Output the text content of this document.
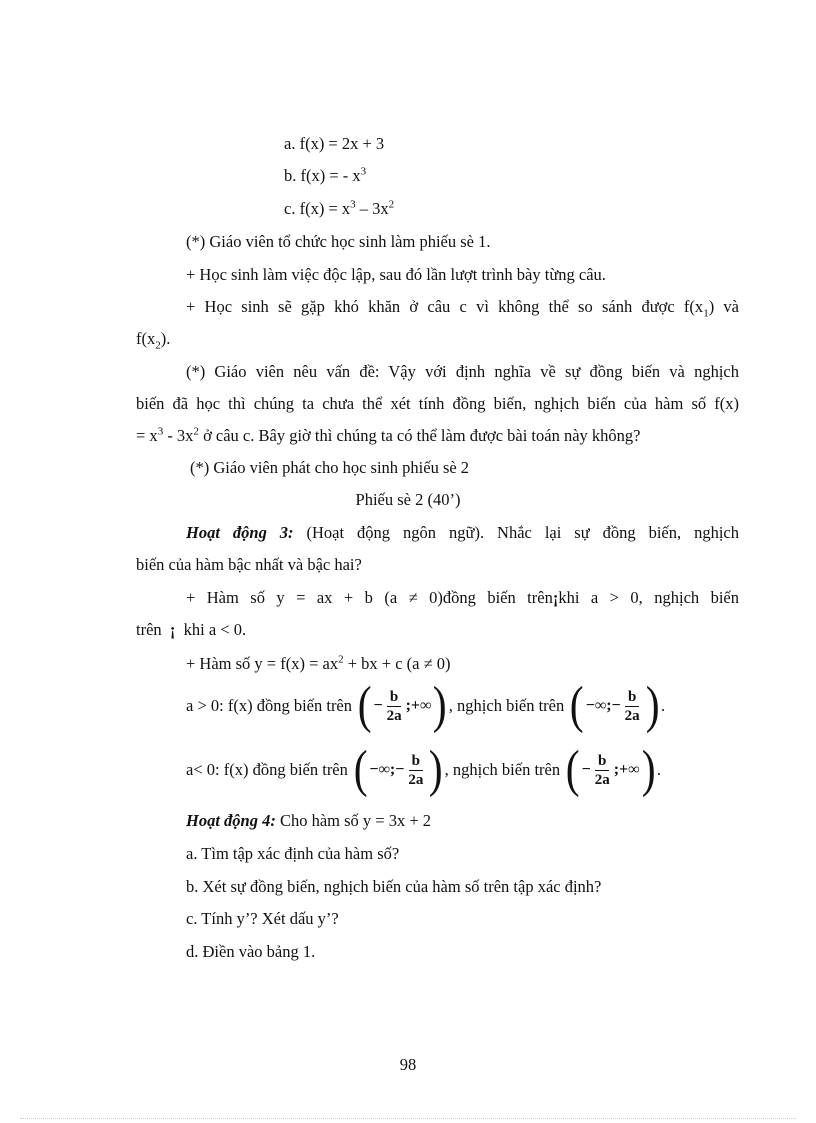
a. f(x) = 2x + 3
b. f(x) = - $x^3$
c. $f(x) = x^3 - 3x^2$
(*) Giáo viên tổ chức học sinh làm phiếu sè 1.
+ Học sinh làm việc độc lập, sau đó lần lượt trình bày từng câu.
+ Học sinh sẽ gặp khó khăn ở câu c vì không thể so sánh được $f(x_1)$ và
$f(x_2)$.
(*) Giáo viên nêu vấn đề: Vậy với định nghĩa về sự đồng biến và nghịch
biến đã học thì chúng ta chưa thể xét tính đồng biến, nghịch biến của hàm số f(x)
= $x^3 - 3x^2$ ở câu c. Bây giờ thì chúng ta có thể làm được bài toán này không?
(*) Giáo viên phát cho học sinh phiếu sè 2
Phiếu sè 2 (40’)
Hoạt động 3: (Hoạt động ngôn ngữ). Nhắc lại sự đồng biến, nghịch
biến của hàm bậc nhất và bậc hai?
+ Hàm số y = ax + b (a ≠ 0)đồng biến trên¡khi a > 0, nghịch biến
trên ¡ khi a < 0.
+ Hàm số $y = f(x) = ax^2$ + bx + c (a ≠ 0)
a > 0: f(x) đồng biến trên
( − $\frac{b}{2a}$ ;+∞ ) , nghịch biến trên
( −∞;− $\frac{b}{2a}$ ) .
a< 0: f(x) đồng biến trên
( −∞;− $\frac{b}{2a}$ ) , nghịch biến trên
( − $\frac{b}{2a}$ ;+∞ ) .
Hoạt động 4: Cho hàm số y = 3x + 2
a. Tìm tập xác định của hàm số?
b. Xét sự đồng biến, nghịch biến của hàm số trên tập xác định?
c. Tính y’? Xét dấu y’?
d. Điền vào bảng 1.
98
